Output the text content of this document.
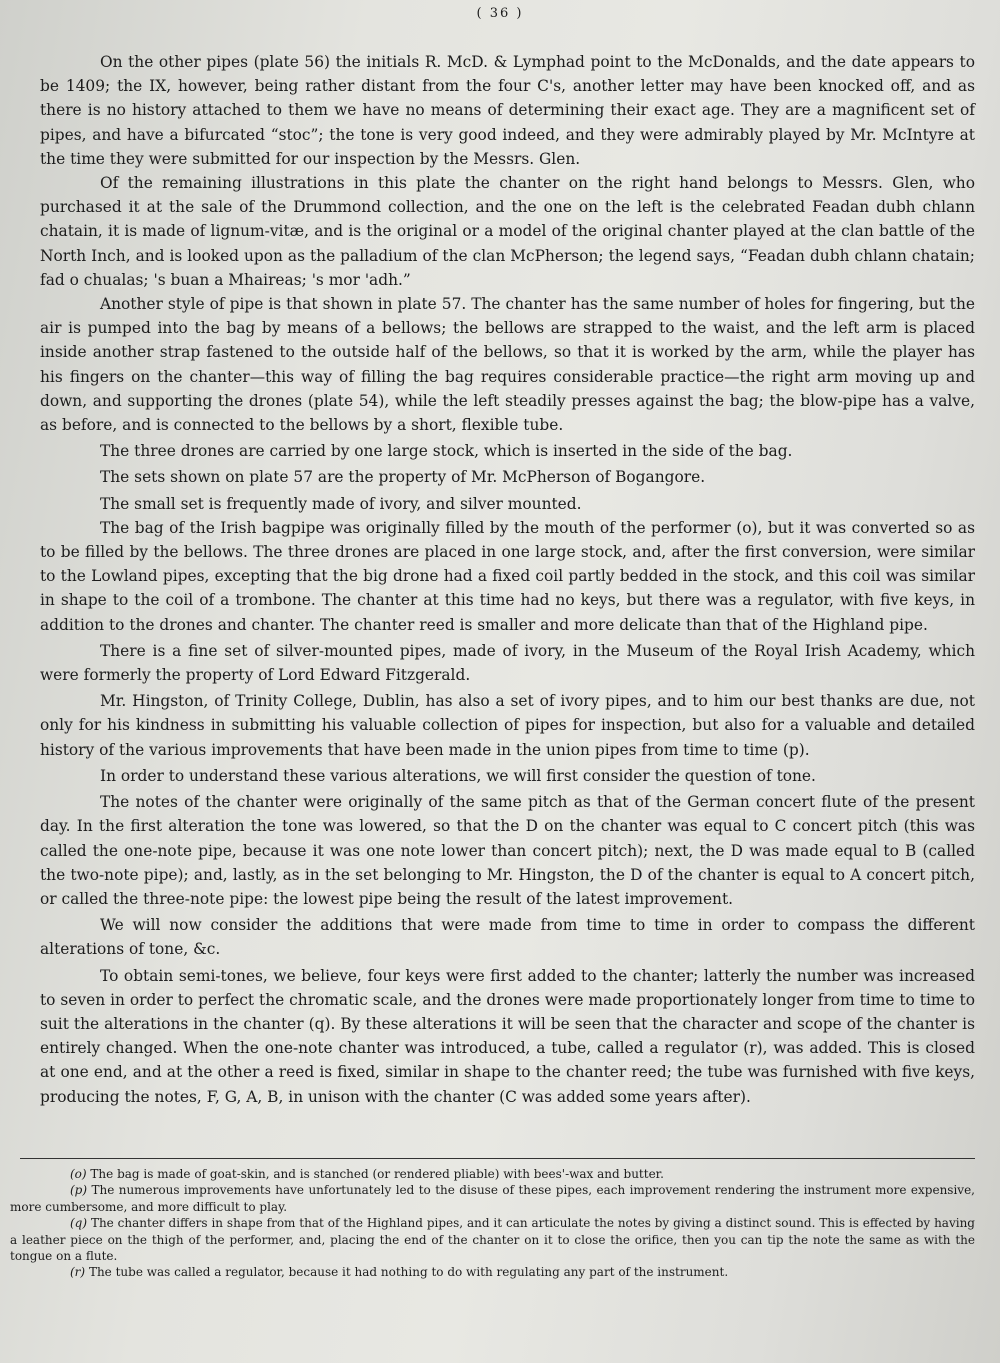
( 36 )

On the other pipes (plate 56) the initials R. McD. & Lymphad point to the McDonalds, and the date appears to be 1409; the IX, however, being rather distant from the four C's, another letter may have been knocked off, and as there is no history attached to them we have no means of determining their exact age. They are a magnificent set of pipes, and have a bifurcated “stoc”; the tone is very good indeed, and they were admirably played by Mr. McIntyre at the time they were submitted for our inspection by the Messrs. Glen.

Of the remaining illustrations in this plate the chanter on the right hand belongs to Messrs. Glen, who purchased it at the sale of the Drummond collection, and the one on the left is the celebrated Feadan dubh chlann chatain, it is made of lignum-vitæ, and is the original or a model of the original chanter played at the clan battle of the North Inch, and is looked upon as the palladium of the clan McPherson; the legend says, “Feadan dubh chlann chatain; fad o chualas; 's buan a Mhaireas; 's mor 'adh.”

Another style of pipe is that shown in plate 57. The chanter has the same number of holes for fingering, but the air is pumped into the bag by means of a bellows; the bellows are strapped to the waist, and the left arm is placed inside another strap fastened to the outside half of the bellows, so that it is worked by the arm, while the player has his fingers on the chanter—this way of filling the bag requires considerable practice—the right arm moving up and down, and supporting the drones (plate 54), while the left steadily presses against the bag; the blow-pipe has a valve, as before, and is connected to the bellows by a short, flexible tube.

The three drones are carried by one large stock, which is inserted in the side of the bag.

The sets shown on plate 57 are the property of Mr. McPherson of Bogangore.

The small set is frequently made of ivory, and silver mounted.

The bag of the Irish bagpipe was originally filled by the mouth of the performer (o), but it was converted so as to be filled by the bellows. The three drones are placed in one large stock, and, after the first conversion, were similar to the Lowland pipes, excepting that the big drone had a fixed coil partly bedded in the stock, and this coil was similar in shape to the coil of a trombone. The chanter at this time had no keys, but there was a regulator, with five keys, in addition to the drones and chanter. The chanter reed is smaller and more delicate than that of the Highland pipe.

There is a fine set of silver-mounted pipes, made of ivory, in the Museum of the Royal Irish Academy, which were formerly the property of Lord Edward Fitzgerald.

Mr. Hingston, of Trinity College, Dublin, has also a set of ivory pipes, and to him our best thanks are due, not only for his kindness in submitting his valuable collection of pipes for inspection, but also for a valuable and detailed history of the various improvements that have been made in the union pipes from time to time (p).

In order to understand these various alterations, we will first consider the question of tone.

The notes of the chanter were originally of the same pitch as that of the German concert flute of the present day. In the first alteration the tone was lowered, so that the D on the chanter was equal to C concert pitch (this was called the one-note pipe, because it was one note lower than concert pitch); next, the D was made equal to B (called the two-note pipe); and, lastly, as in the set belonging to Mr. Hingston, the D of the chanter is equal to A concert pitch, or called the three-note pipe: the lowest pipe being the result of the latest improvement.

We will now consider the additions that were made from time to time in order to compass the different alterations of tone, &c.

To obtain semi-tones, we believe, four keys were first added to the chanter; latterly the number was increased to seven in order to perfect the chromatic scale, and the drones were made proportionately longer from time to time to suit the alterations in the chanter (q). By these alterations it will be seen that the character and scope of the chanter is entirely changed. When the one-note chanter was introduced, a tube, called a regulator (r), was added. This is closed at one end, and at the other a reed is fixed, similar in shape to the chanter reed; the tube was furnished with five keys, producing the notes, F, G, A, B, in unison with the chanter (C was added some years after).

(o) The bag is made of goat-skin, and is stanched (or rendered pliable) with bees'-wax and butter.

(p) The numerous improvements have unfortunately led to the disuse of these pipes, each improvement rendering the instrument more expensive, more cumbersome, and more difficult to play.

(q) The chanter differs in shape from that of the Highland pipes, and it can articulate the notes by giving a distinct sound. This is effected by having a leather piece on the thigh of the performer, and, placing the end of the chanter on it to close the orifice, then you can tip the note the same as with the tongue on a flute.

(r) The tube was called a regulator, because it had nothing to do with regulating any part of the instrument.
